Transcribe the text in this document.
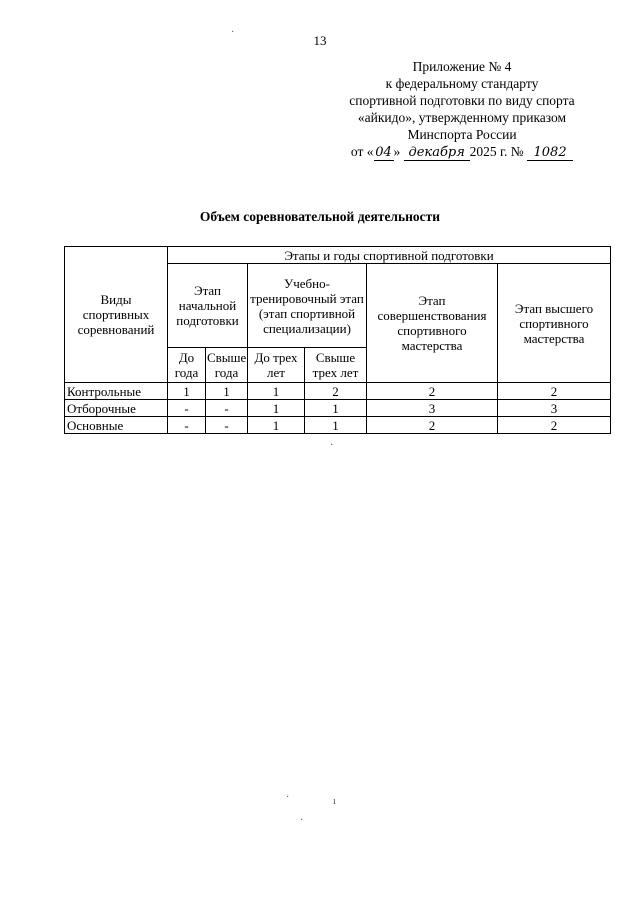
13
Приложение № 4
к федеральному стандарту
спортивной подготовки по виду спорта
«айкидо», утвержденному приказом
Минспорта России
от « 04 » декабря 2025 г. № 1082
Объем соревновательной деятельности
Виды спортивных соревнований	Этапы и годы спортивной подготовки					
	Этап начальной подготовки		Учебно-тренировочный этап (этап спортивной специализации)		Этап совершенствования спортивного мастерства	Этап высшего спортивного мастерства
	До года	Свыше года	До трех лет	Свыше трех лет		
Контрольные	1	1	1	2	2	2
Отборочные	-	-	1	1	3	3
Основные	-	-	1	1	2	2
·
·
·	ı
·
